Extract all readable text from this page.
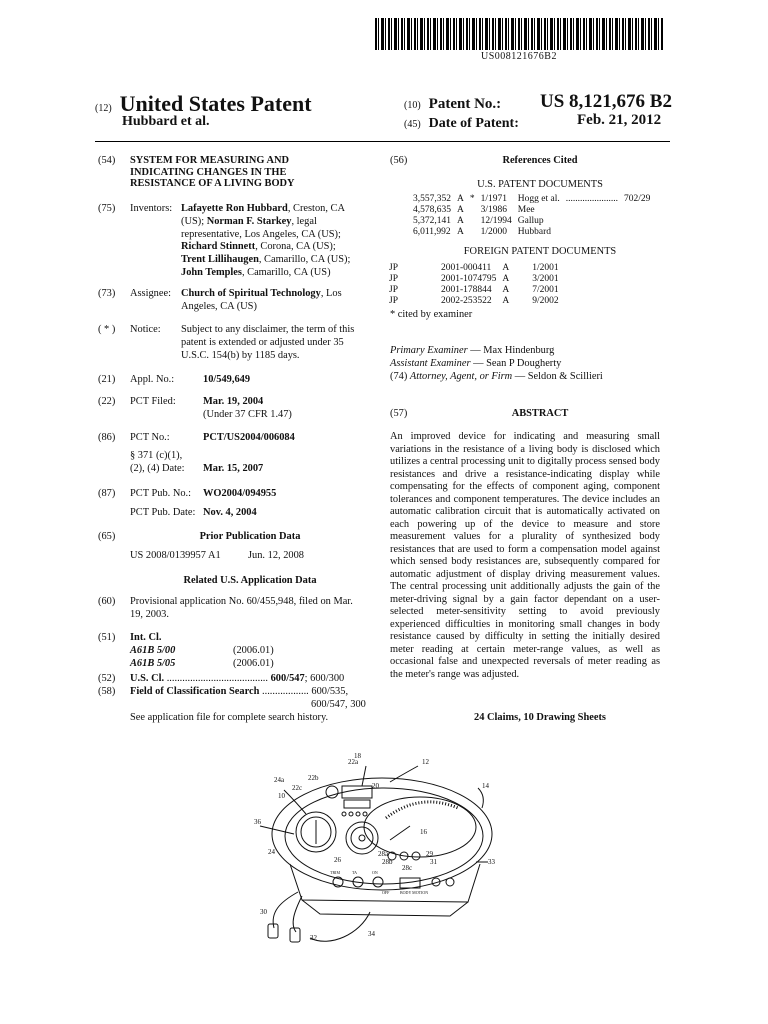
US008121676B2
(12) United States Patent
Hubbard et al.
(10) Patent No.: US 8,121,676 B2
(45) Date of Patent:	Feb. 21, 2012
(54) SYSTEM FOR MEASURING AND
INDICATING CHANGES IN THE
RESISTANCE OF A LIVING BODY
(75) Inventors: Lafayette Ron Hubbard, Creston, CA
(US); Norman F. Starkey, legal
representative, Los Angeles, CA (US);
Richard Stinnett, Corona, CA (US);
Trent Lillihaugen, Camarillo, CA (US);
John Temples, Camarillo, CA (US)
(73) Assignee: Church of Spiritual Technology, Los
Angeles, CA (US)
( * ) Notice: Subject to any disclaimer, the term of this
patent is extended or adjusted under 35
U.S.C. 154(b) by 1185 days.
(21) Appl. No.:	10/549,649
(22) PCT Filed:	Mar. 19, 2004
(Under 37 CFR 1.47)
(86) PCT No.:	PCT/US2004/006084
§ 371 (c)(1),
(2), (4) Date: Mar. 15, 2007
(87) PCT Pub. No.: WO2004/094955
PCT Pub. Date: Nov. 4, 2004
(65)	Prior Publication Data
US 2008/0139957 A1	Jun. 12, 2008
Related U.S. Application Data
(60) Provisional application No. 60/455,948, filed on Mar.
19, 2003.
(51) Int. Cl.
A61B 5/00	(2006.01)
A61B 5/05	(2006.01)
(52) U.S. Cl. ....................................... 600/547; 600/300
(58) Field of Classification Search .................. 600/535,
600/547, 300
See application file for complete search history.
(56)	References Cited
U.S. PATENT DOCUMENTS
3,557,352	A	*	1/1971	Hogg et al.	......................	702/29
4,578,635	A		3/1986	Mee		
5,372,141	A		12/1994	Gallup		
6,011,992	A		1/2000	Hubbard		
FOREIGN PATENT DOCUMENTS
JP	2001-000411	A	1/2001
JP	2001-1074795	A	3/2001
JP	2001-178844	A	7/2001
JP	2002-253522	A	9/2002
* cited by examiner
Primary Examiner — Max Hindenburg
Assistant Examiner — Sean P Dougherty
(74) Attorney, Agent, or Firm — Seldon & Scillieri
(57)	ABSTRACT
An improved device for indicating and measuring small variations in the resistance of a living body is disclosed which utilizes a central processing unit to digitally process sensed body resistances and drive a resistance-indicating display while compensating for the effects of component aging, component tolerances and component temperatures. The device includes an automatic calibration circuit that is automatically activated on each powering up of the device to measure and store measurement values for a plurality of synthesized body resistances that are used to form a compensation model against which sensed body resistances are, subsequently compared for automatic adjustment of display driving measurement values. The central processing unit additionally adjusts the gain of the meter-driving signal by a gain factor dependant on a user-selected meter-sensitivity setting to avoid previously experienced difficulties in monitoring small changes in body resistance caused by difficulty in setting the initially desired meter reading at certain meter-range values, as well as occasional false and unexpected reversals of meter reading as the meter's range was adjusted.
24 Claims, 10 Drawing Sheets
22a
18
12
24a	22b
22c	14
10
20
36
16
24
26
28a
28b
28c
29
31	33
30
32	34
TRIM	TA	ON
OFF	BODY MOTION
